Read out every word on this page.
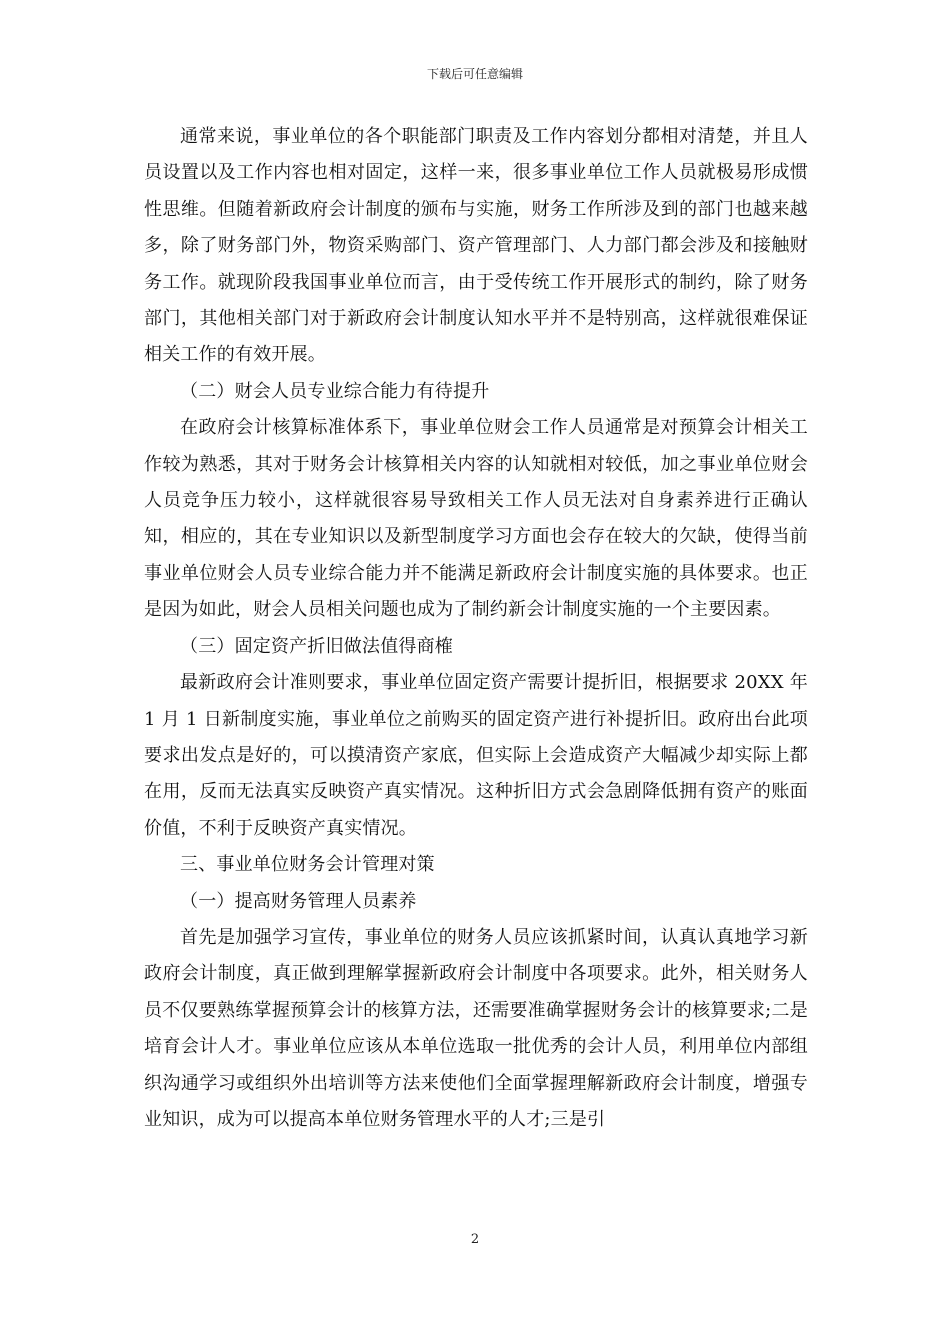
下载后可任意编辑

通常来说，事业单位的各个职能部门职责及工作内容划分都相对清楚，并且人员设置以及工作内容也相对固定，这样一来，很多事业单位工作人员就极易形成惯性思维。但随着新政府会计制度的颁布与实施，财务工作所涉及到的部门也越来越多，除了财务部门外，物资采购部门、资产管理部门、人力部门都会涉及和接触财务工作。就现阶段我国事业单位而言，由于受传统工作开展形式的制约，除了财务部门，其他相关部门对于新政府会计制度认知水平并不是特别高，这样就很难保证相关工作的有效开展。

（二）财会人员专业综合能力有待提升

在政府会计核算标准体系下，事业单位财会工作人员通常是对预算会计相关工作较为熟悉，其对于财务会计核算相关内容的认知就相对较低，加之事业单位财会人员竞争压力较小，这样就很容易导致相关工作人员无法对自身素养进行正确认知，相应的，其在专业知识以及新型制度学习方面也会存在较大的欠缺，使得当前事业单位财会人员专业综合能力并不能满足新政府会计制度实施的具体要求。也正是因为如此，财会人员相关问题也成为了制约新会计制度实施的一个主要因素。

（三）固定资产折旧做法值得商榷

最新政府会计准则要求，事业单位固定资产需要计提折旧，根据要求 20XX 年 1 月 1 日新制度实施，事业单位之前购买的固定资产进行补提折旧。政府出台此项要求出发点是好的，可以摸清资产家底，但实际上会造成资产大幅减少却实际上都在用，反而无法真实反映资产真实情况。这种折旧方式会急剧降低拥有资产的账面价值，不利于反映资产真实情况。

三、事业单位财务会计管理对策

（一）提高财务管理人员素养

首先是加强学习宣传，事业单位的财务人员应该抓紧时间，认真认真地学习新政府会计制度，真正做到理解掌握新政府会计制度中各项要求。此外，相关财务人员不仅要熟练掌握预算会计的核算方法，还需要准确掌握财务会计的核算要求;二是培育会计人才。事业单位应该从本单位选取一批优秀的会计人员，利用单位内部组织沟通学习或组织外出培训等方法来使他们全面掌握理解新政府会计制度，增强专业知识，成为可以提高本单位财务管理水平的人才;三是引

2
